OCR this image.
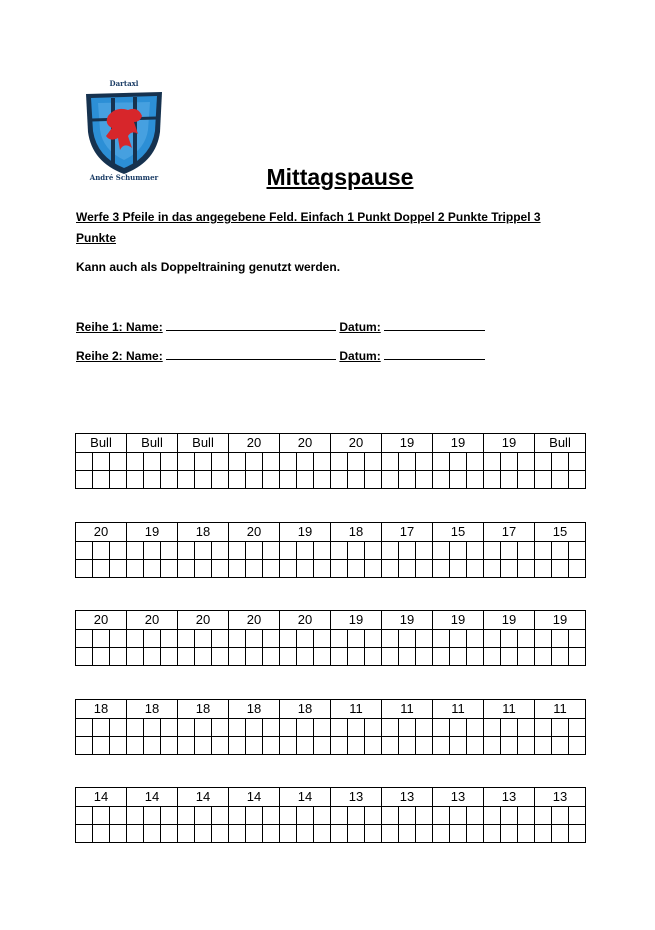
Dartaxl
André Schummer	Mittagspause
Werfe 3 Pfeile in das angegebene Feld. Einfach 1 Punkt Doppel 2 Punkte Trippel 3 Punkte
Kann auch als Doppeltraining genutzt werden.
Reihe 1: Name:	Datum:
Reihe 2: Name:	Datum:
Bull			Bull			Bull			20			20			20			19			19			19			Bull		

20			19			18			20			19			18			17			15			17			15		

20			20			20			20			20			19			19			19			19			19		

18			18			18			18			18			11			11			11			11			11		

14			14			14			14			14			13			13			13			13			13		
